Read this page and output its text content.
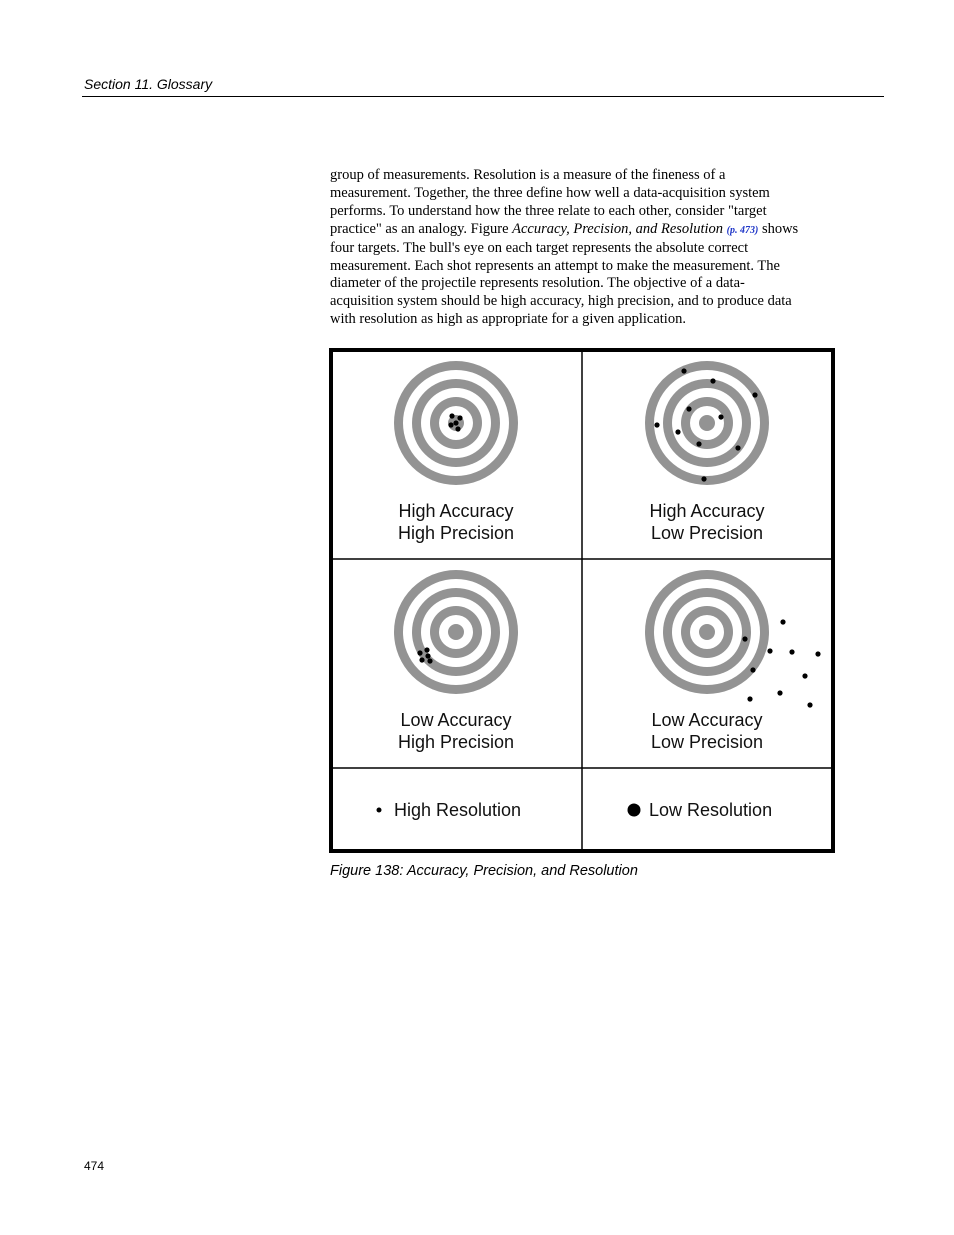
Section 11. Glossary
group of measurements. Resolution is a measure of the fineness of a
measurement. Together, the three define how well a data-acquisition system
performs. To understand how the three relate to each other, consider "target
practice" as an analogy. Figure Accuracy, Precision, and Resolution (p. 473) shows
four targets. The bull's eye on each target represents the absolute correct
measurement. Each shot represents an attempt to make the measurement. The
diameter of the projectile represents resolution. The objective of a data-
acquisition system should be high accuracy, high precision, and to produce data
with resolution as high as appropriate for a given application.
High Accuracy
High Precision
High Accuracy
Low Precision
Low Accuracy
High Precision
Low Accuracy
Low Precision
High Resolution	Low Resolution
Figure 138: Accuracy, Precision, and Resolution
474
